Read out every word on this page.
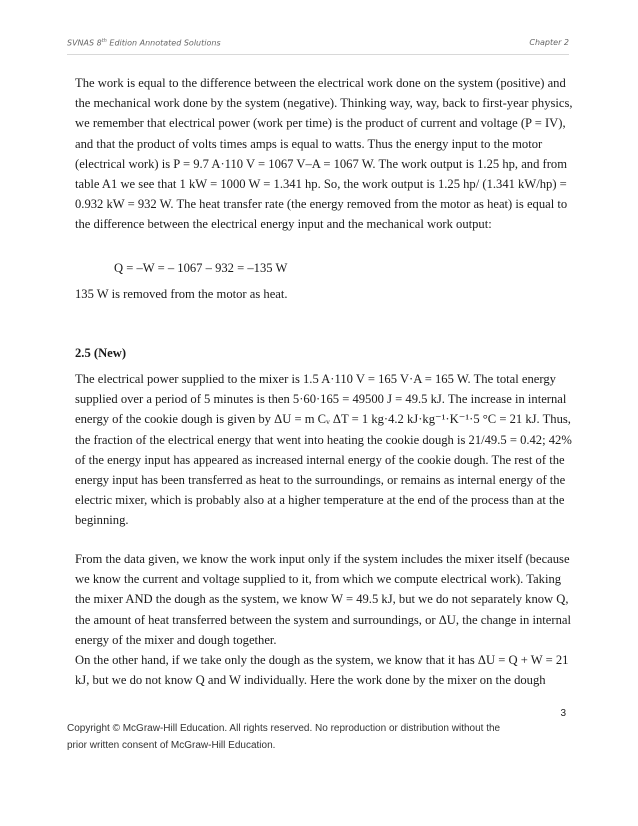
SVNAS 8th Edition Annotated Solutions	Chapter 2

The work is equal to the difference between the electrical work done on the system (positive) and the mechanical work done by the system (negative). Thinking way, way, back to first-year physics, we remember that electrical power (work per time) is the product of current and voltage (P = IV), and that the product of volts times amps is equal to watts. Thus the energy input to the motor (electrical work) is P = 9.7 A·110 V = 1067 V–A = 1067 W. The work output is 1.25 hp, and from table A1 we see that 1 kW = 1000 W = 1.341 hp. So, the work output is 1.25 hp/ (1.341 kW/hp) = 0.932 kW = 932 W. The heat transfer rate (the energy removed from the motor as heat) is equal to the difference between the electrical energy input and the mechanical work output:

Q = –W = – 1067 – 932 = –135 W

135 W is removed from the motor as heat.

2.5 (New)

The electrical power supplied to the mixer is 1.5 A·110 V = 165 V·A = 165 W. The total energy supplied over a period of 5 minutes is then 5·60·165 = 49500 J = 49.5 kJ. The increase in internal energy of the cookie dough is given by ΔU = m Cᵥ ΔT = 1 kg·4.2 kJ·kg⁻¹·K⁻¹·5 °C = 21 kJ. Thus, the fraction of the electrical energy that went into heating the cookie dough is 21/49.5 = 0.42; 42% of the energy input has appeared as increased internal energy of the cookie dough. The rest of the energy input has been transferred as heat to the surroundings, or remains as internal energy of the electric mixer, which is probably also at a higher temperature at the end of the process than at the beginning.

From the data given, we know the work input only if the system includes the mixer itself (because we know the current and voltage supplied to it, from which we compute electrical work). Taking the mixer AND the dough as the system, we know W = 49.5 kJ, but we do not separately know Q, the amount of heat transferred between the system and surroundings, or ΔU, the change in internal energy of the mixer and dough together.

On the other hand, if we take only the dough as the system, we know that it has ΔU = Q + W = 21 kJ, but we do not know Q and W individually. Here the work done by the mixer on the dough

3

Copyright © McGraw-Hill Education. All rights reserved. No reproduction or distribution without the

prior written consent of McGraw-Hill Education.
